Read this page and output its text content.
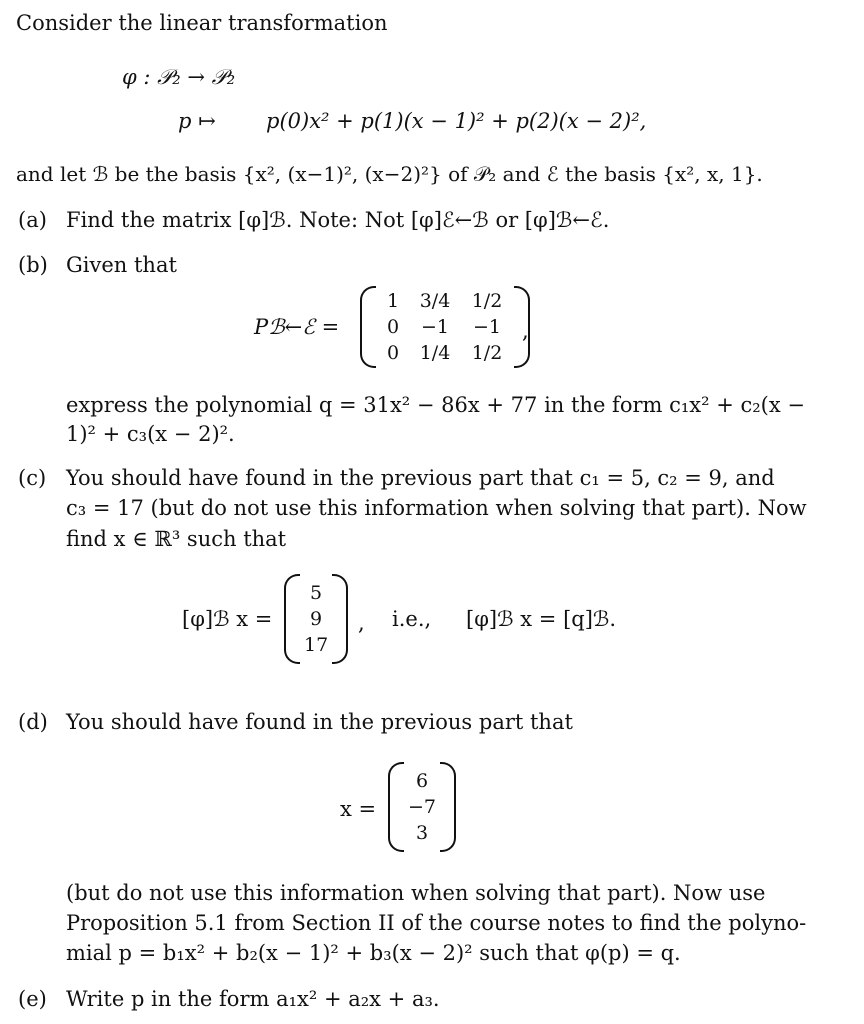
Consider the linear transformation
φ : 𝒫₂ → 𝒫₂
p ↦ p(0)x² + p(1)(x − 1)² + p(2)(x − 2)²,
and let ℬ be the basis {x², (x−1)², (x−2)²} of 𝒫₂ and ℰ the basis {x², x, 1}.
(a) Find the matrix [φ]ℬ. Note: Not [φ]ℰ←ℬ or [φ]ℬ←ℰ.
(b) Given that
Pℬ←ℰ =
1	3/4	1/2
0	−1	−1
0	1/4	1/2
,
express the polynomial q = 31x² − 86x + 77 in the form c₁x² + c₂(x −
1)² + c₃(x − 2)².
(c) You should have found in the previous part that c₁ = 5, c₂ = 9, and
c₃ = 17 (but do not use this information when solving that part). Now
find x ∈ ℝ³ such that
[φ]ℬ x =
5
9
17
, i.e., [φ]ℬ x = [q]ℬ.
(d) You should have found in the previous part that
x =
6
−7
3
(but do not use this information when solving that part). Now use
Proposition 5.1 from Section II of the course notes to find the polyno-
mial p = b₁x² + b₂(x − 1)² + b₃(x − 2)² such that φ(p) = q.
(e) Write p in the form a₁x² + a₂x + a₃.
